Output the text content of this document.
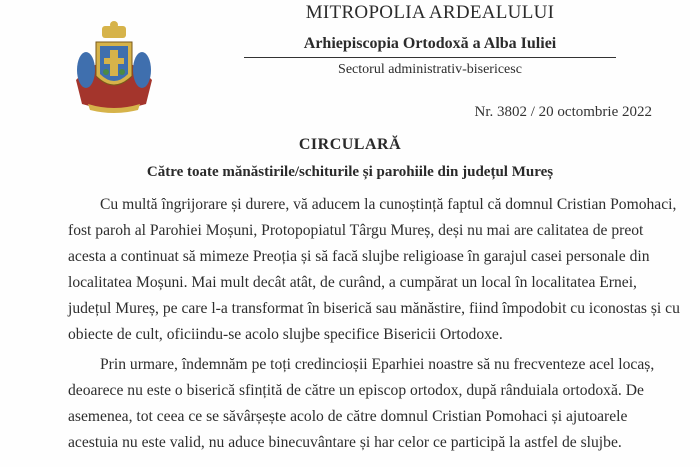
MITROPOLIA ARDEALULUI
Arhiepiscopia Ortodoxă a Alba Iuliei
Sectorul administrativ-bisericesc
Nr. 3802 / 20 octombrie 2022
CIRCULARĂ
Către toate mănăstirile/schiturile și parohiile din județul Mureș
Cu multă îngrijorare și durere, vă aducem la cunoștință faptul că domnul Cristian Pomohaci,
fost paroh al Parohiei Moșuni, Protopopiatul Târgu Mureș, deși nu mai are calitatea de preot
acesta a continuat să mimeze Preoția și să facă slujbe religioase în garajul casei personale din
localitatea Moșuni. Mai mult decât atât, de curând, a cumpărat un local în localitatea Ernei,
județul Mureș, pe care l-a transformat în biserică sau mănăstire, fiind împodobit cu iconostas și cu
obiecte de cult, oficiindu-se acolo slujbe specifice Bisericii Ortodoxe.
Prin urmare, îndemnăm pe toți credincioșii Eparhiei noastre să nu frecventeze acel locaș,
deoarece nu este o biserică sfințită de către un episcop ortodox, după rânduiala ortodoxă. De
asemenea, tot ceea ce se săvârșește acolo de către domnul Cristian Pomohaci și ajutoarele
acestuia nu este valid, nu aduce binecuvântare și har celor ce participă la astfel de slujbe.
